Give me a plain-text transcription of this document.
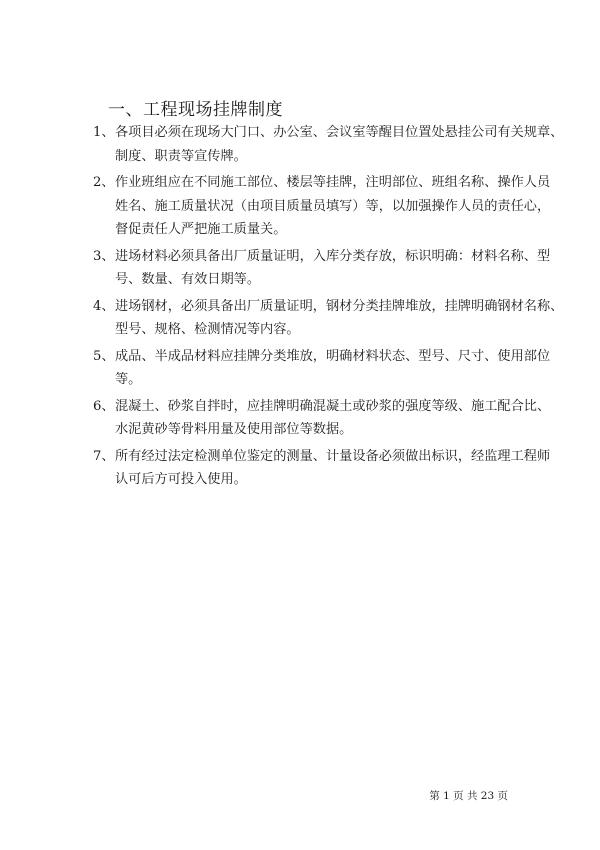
一、工程现场挂牌制度
1、 各项目必须在现场大门口、办公室、会议室等醒目位置处悬挂公司有关规章、
制度、职责等宣传牌。
2、 作业班组应在不同施工部位、楼层等挂牌，注明部位、班组名称、操作人员
姓名、施工质量状况（由项目质量员填写）等，以加强操作人员的责任心，
督促责任人严把施工质量关。
3、 进场材料必须具备出厂质量证明，入库分类存放，标识明确：材料名称、型
号、数量、有效日期等。
4、 进场钢材，必须具备出厂质量证明，钢材分类挂牌堆放，挂牌明确钢材名称、
型号、规格、检测情况等内容。
5、 成品、半成品材料应挂牌分类堆放，明确材料状态、型号、尺寸、使用部位
等。
6、 混凝土、砂浆自拌时，应挂牌明确混凝土或砂浆的强度等级、施工配合比、
水泥黄砂等骨料用量及使用部位等数据。
7、 所有经过法定检测单位鉴定的测量、计量设备必须做出标识，经监理工程师
认可后方可投入使用。
第 1 页 共 23 页
